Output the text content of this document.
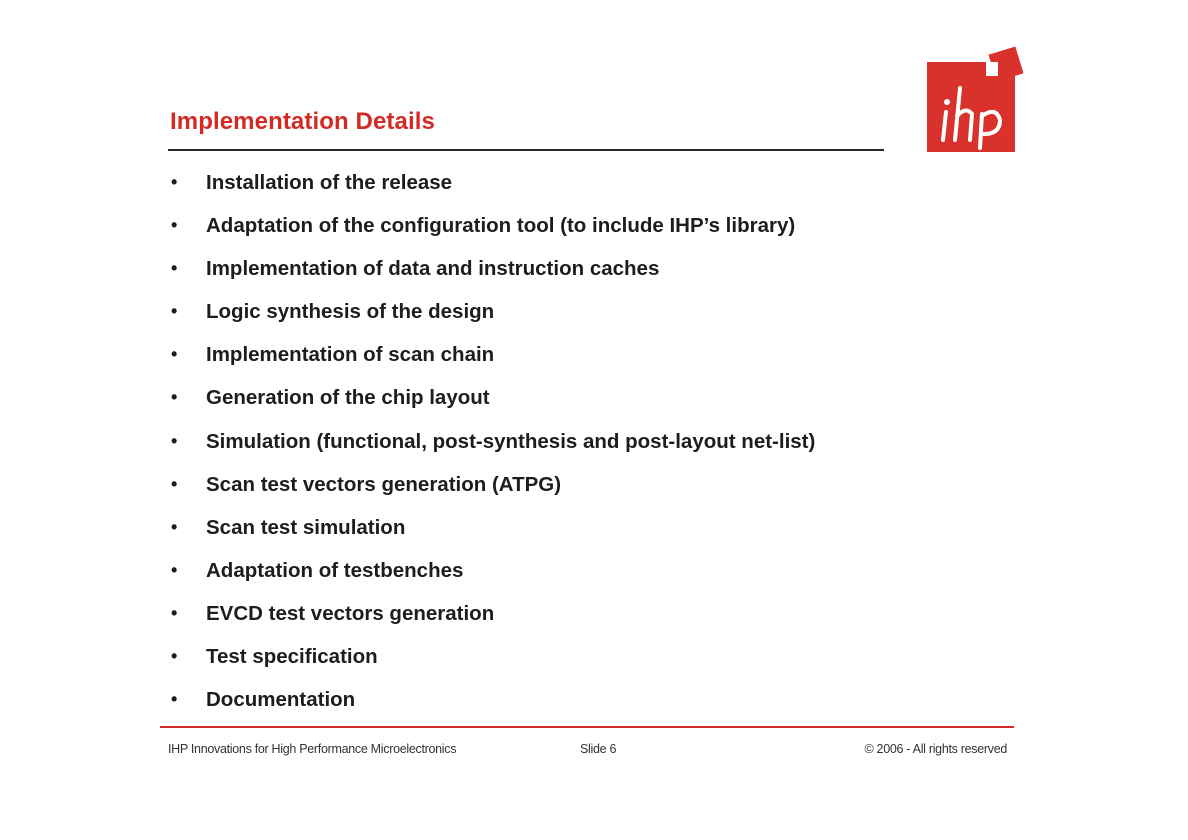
Implementation Details
• Installation of the release
• Adaptation of the configuration tool (to include IHP’s library)
• Implementation of data and instruction caches
• Logic synthesis of the design
• Implementation of scan chain
• Generation of the chip layout
• Simulation (functional, post-synthesis and post-layout net-list)
• Scan test vectors generation (ATPG)
• Scan test simulation
• Adaptation of testbenches
• EVCD test vectors generation
• Test specification
• Documentation
IHP Innovations for High Performance Microelectronics	Slide 6	© 2006 - All rights reserved
